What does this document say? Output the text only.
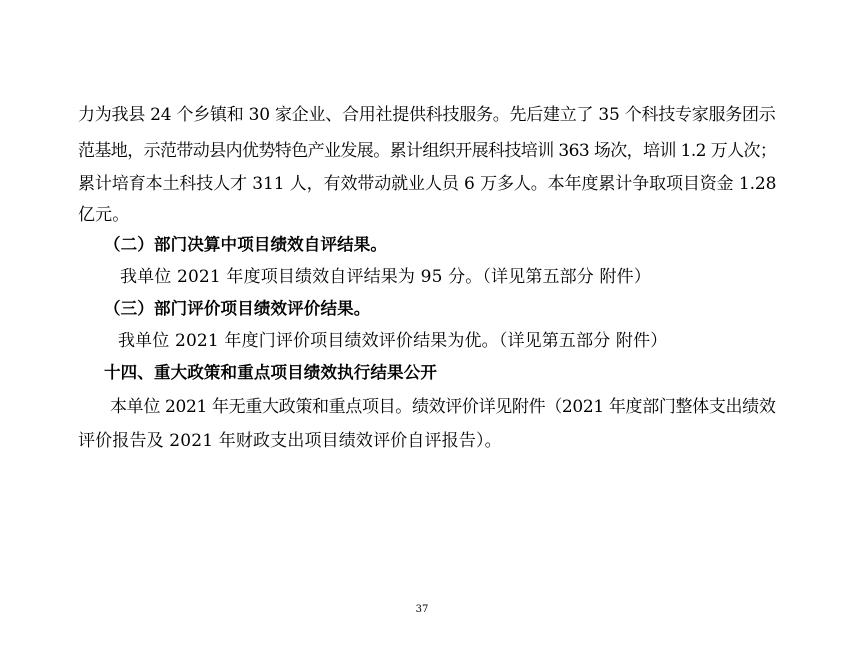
力为我县 24 个乡镇和 30 家企业、合用社提供科技服务。先后建立了 35 个科技专家服务团示
范基地，示范带动县内优势特色产业发展。累计组织开展科技培训 363 场次，培训 1.2 万人次；
累计培育本土科技人才 311 人，有效带动就业人员 6 万多人。本年度累计争取项目资金 1.28
亿元。
（二）部门决算中项目绩效自评结果。
我单位 2021 年度项目绩效自评结果为 95 分。（详见第五部分 附件）
（三）部门评价项目绩效评价结果。
我单位 2021 年度门评价项目绩效评价结果为优。（详见第五部分 附件）
十四、重大政策和重点项目绩效执行结果公开
本单位 2021 年无重大政策和重点项目。绩效评价详见附件（2021 年度部门整体支出绩效
评价报告及 2021 年财政支出项目绩效评价自评报告）。
37
